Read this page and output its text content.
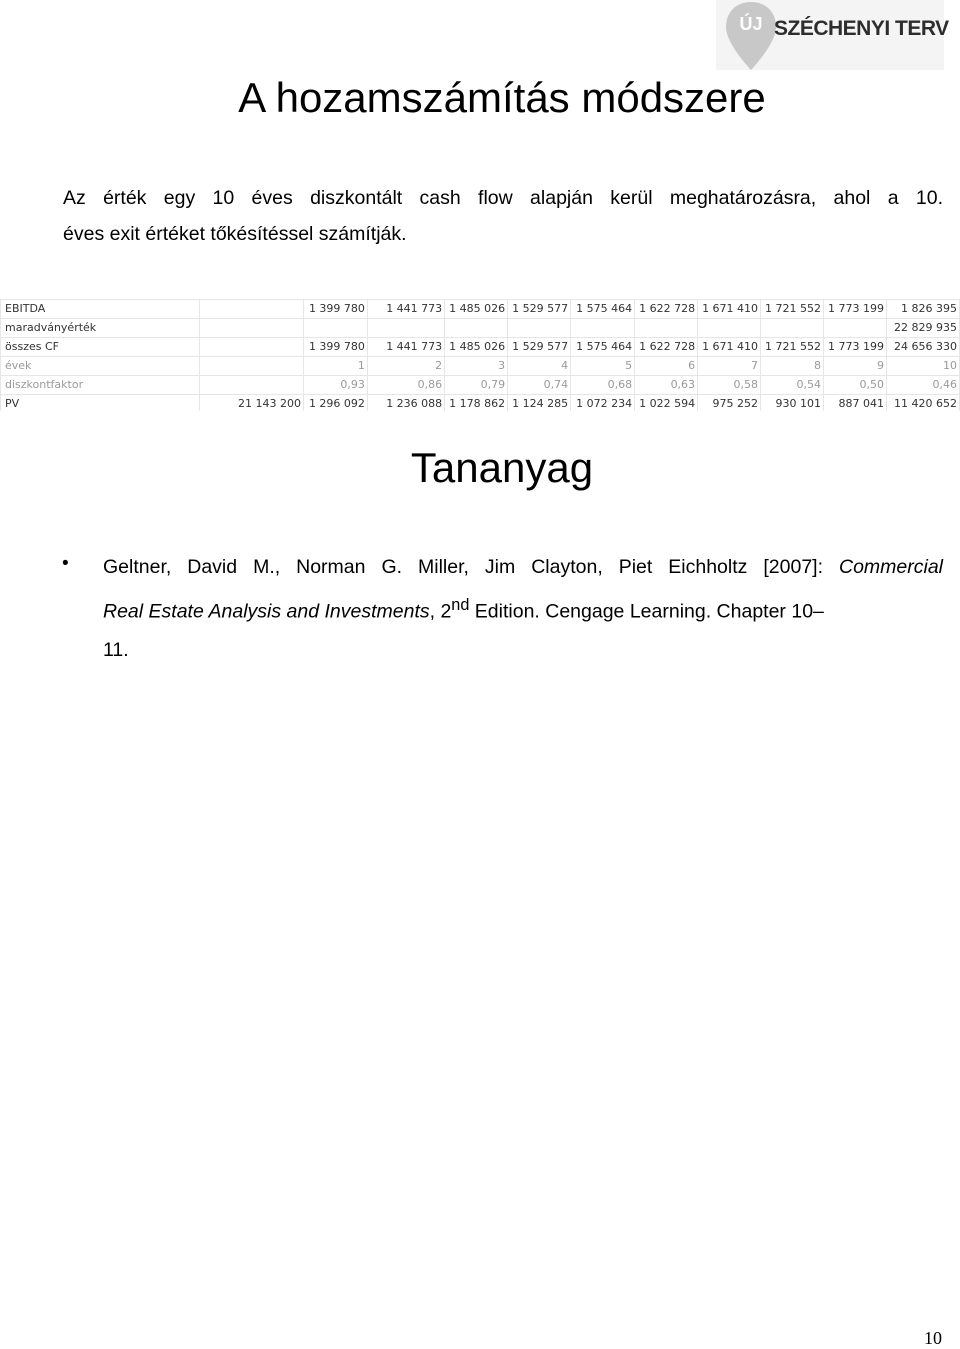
ÚJ SZÉCHENYI TERV
A hozamszámítás módszere

Az érték egy 10 éves diszkontált cash flow alapján kerül meghatározásra, ahol a 10.
éves exit értéket tőkésítéssel számítják.

EBITDA		1 399 780	1 441 773	1 485 026	1 529 577	1 575 464	1 622 728	1 671 410	1 721 552	1 773 199	1 826 395
maradványérték											22 829 935
összes CF		1 399 780	1 441 773	1 485 026	1 529 577	1 575 464	1 622 728	1 671 410	1 721 552	1 773 199	24 656 330
évek		1	2	3	4	5	6	7	8	9	10
diszkontfaktor		0,93	0,86	0,79	0,74	0,68	0,63	0,58	0,54	0,50	0,46
PV	21 143 200	1 296 092	1 236 088	1 178 862	1 124 285	1 072 234	1 022 594	975 252	930 101	887 041	11 420 652
Tananyag
• Geltner, David M., Norman G. Miller, Jim Clayton, Piet Eichholtz [2007]: Commercial
Real Estate Analysis and Investments, 2nd Edition. Cengage Learning. Chapter 10–
11.

10
